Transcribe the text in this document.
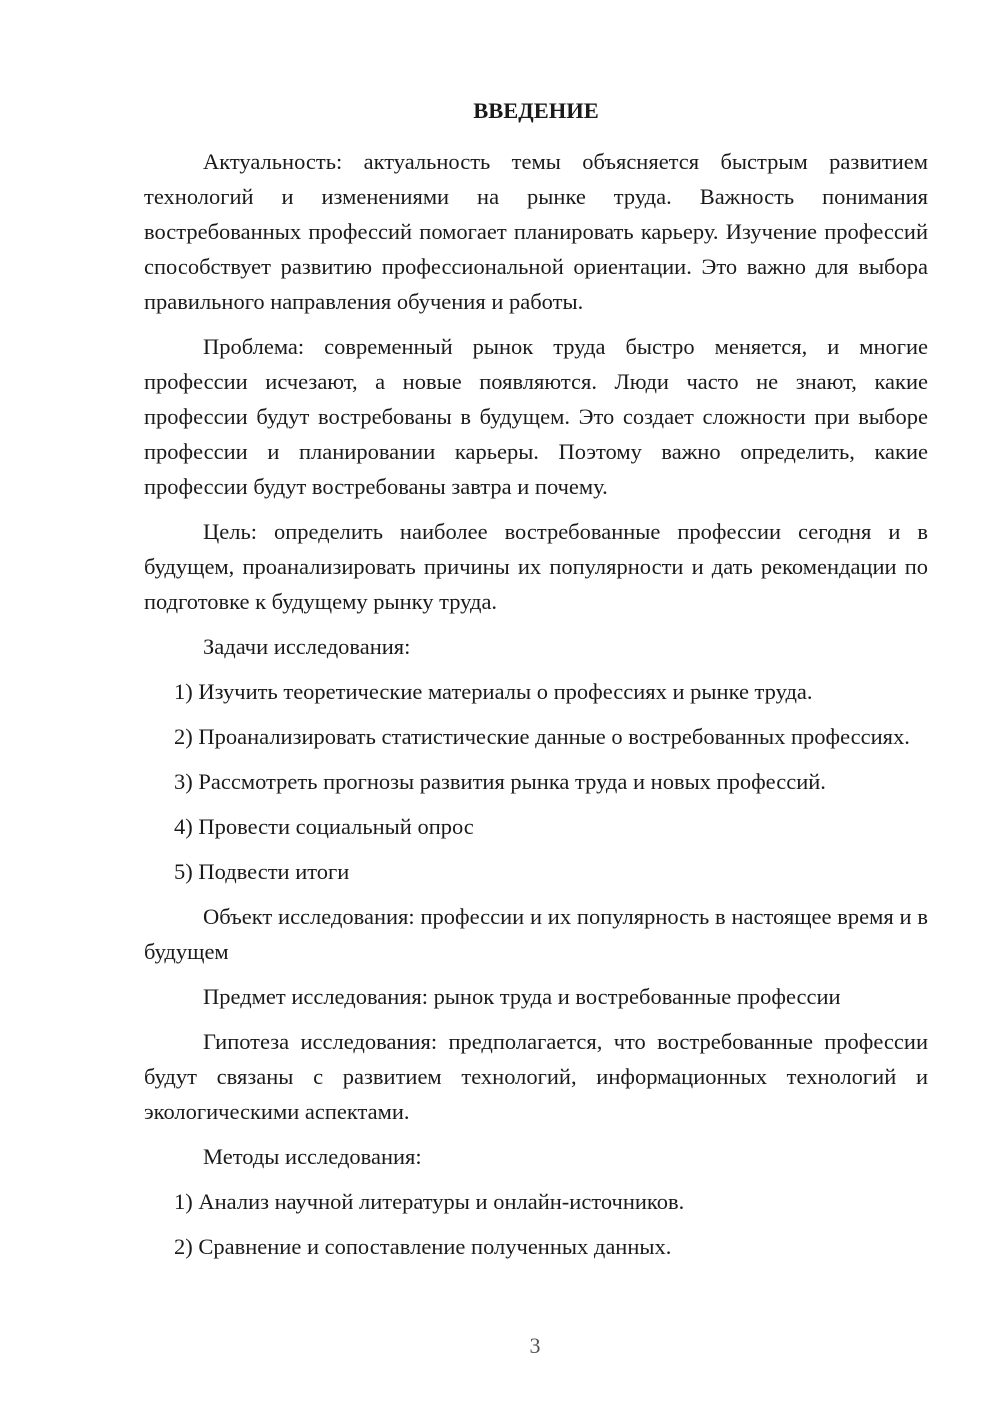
ВВЕДЕНИЕ

Актуальность: актуальность темы объясняется быстрым развитием технологий и изменениями на рынке труда. Важность понимания востребованных профессий помогает планировать карьеру. Изучение профессий способствует развитию профессиональной ориентации. Это важно для выбора правильного направления обучения и работы.

Проблема: современный рынок труда быстро меняется, и многие профессии исчезают, а новые появляются. Люди часто не знают, какие профессии будут востребованы в будущем. Это создает сложности при выборе профессии и планировании карьеры. Поэтому важно определить, какие профессии будут востребованы завтра и почему.

Цель: определить наиболее востребованные профессии сегодня и в будущем, проанализировать причины их популярности и дать рекомендации по подготовке к будущему рынку труда.

Задачи исследования:

1) Изучить теоретические материалы о профессиях и рынке труда.

2) Проанализировать статистические данные о востребованных профессиях.

3) Рассмотреть прогнозы развития рынка труда и новых профессий.

4) Провести социальный опрос

5) Подвести итоги

Объект исследования: профессии и их популярность в настоящее время и в будущем

Предмет исследования: рынок труда и востребованные профессии

Гипотеза исследования: предполагается, что востребованные профессии будут связаны с развитием технологий, информационных технологий и экологическими аспектами.

Методы исследования:

1) Анализ научной литературы и онлайн-источников.

2) Сравнение и сопоставление полученных данных.

3
